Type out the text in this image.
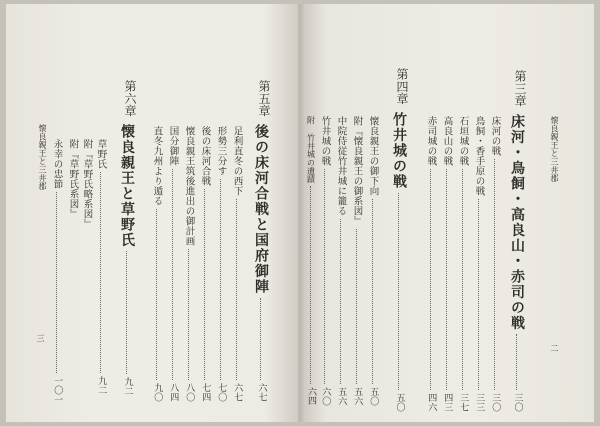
懐良親王と三井郡
第六章
懐良親王と草野氏
九二
草野氏
九二
附『草野氏略系図』
附『草野氏系図』
永幸の忠節
一〇一
第五章
後の床河合戦と国府御陣
六七
足利直冬の西下
六七
形勢三分す
七〇
後の床河合戦
七四
懐良親王筑後進出の御計画
八〇
国分御陣
八四
直冬九州より遁る
九〇
三
懐良親王と三井郡
第三章
床河・鳥飼・高良山・赤司の戦
三〇
床河の戦
三〇
鳥飼・香手原の戦
三三
石垣城の戦
三七
高良山の戦
四三
赤司城の戦
四六
第四章
竹井城の戦
五〇
懐良親王の御下向
五〇
附『懐良親王の御系図』
五六
中院侍従竹井城に籠る
五六
竹井城の戦
六〇
附 竹井城の遺蹟
六四
二
